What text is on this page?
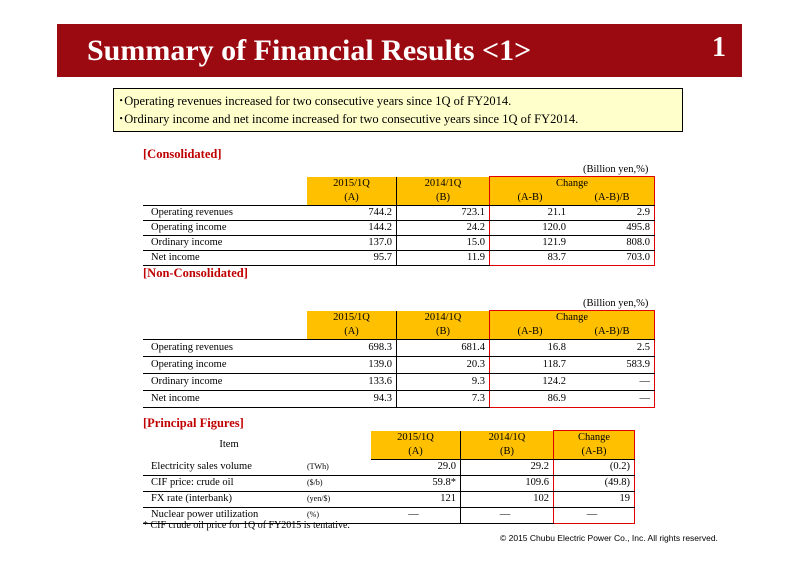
Summary of Financial Results <1>	1
･Operating revenues increased for two consecutive years since 1Q of FY2014.
･Ordinary income and net income increased for two consecutive years since 1Q of FY2014.
[Consolidated]
(Billion yen,%)
	2015/1Q	2014/1Q	Change	
	(A)	(B)	(A-B)	(A-B)/B
Operating revenues	744.2	723.1	21.1	2.9
Operating income	144.2	24.2	120.0	495.8
Ordinary income	137.0	15.0	121.9	808.0
Net income	95.7	11.9	83.7	703.0
[Non-Consolidated]
(Billion yen,%)
	2015/1Q	2014/1Q	Change	
	(A)	(B)	(A-B)	(A-B)/B
Operating revenues	698.3	681.4	16.8	2.5
Operating income	139.0	20.3	118.7	583.9
Ordinary income	133.6	9.3	124.2	―
Net income	94.3	7.3	86.9	―
[Principal Figures]
Item		2015/1Q	2014/1Q	Change
		(A)	(B)	(A-B)
Electricity sales volume	(TWh)	29.0	29.2	(0.2)
CIF price: crude oil	($/b)	59.8*	109.6	(49.8)
FX rate (interbank)	(yen/$)	121	102	19
Nuclear power utilization	(%)	―	―	―
* CIF crude oil price for 1Q of FY2015 is tentative.
© 2015 Chubu Electric Power Co., Inc. All rights reserved.
